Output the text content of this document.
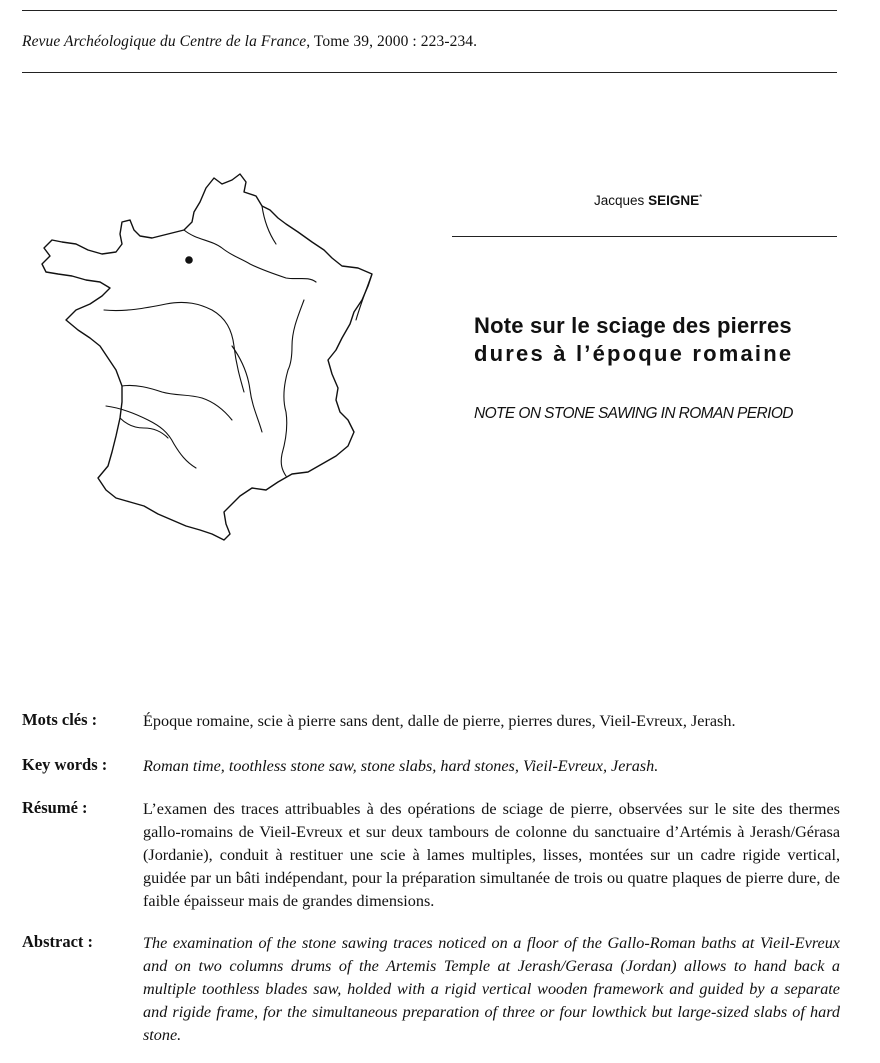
Revue Archéologique du Centre de la France, Tome 39, 2000 : 223-234.
Jacques SEIGNE*
Note sur le sciage des pierres
dures à l’époque romaine
NOTE ON STONE SAWING IN ROMAN PERIOD
Mots clés :	Époque romaine, scie à pierre sans dent, dalle de pierre, pierres dures, Vieil-Evreux, Jerash.
Key words : Roman time, toothless stone saw, stone slabs, hard stones, Vieil-Evreux, Jerash.
Résumé :	L’examen des traces attribuables à des opérations de sciage de pierre, observées sur le site des thermes gallo-romains de Vieil-Evreux et sur deux tambours de colonne du sanctuaire d’Artémis à Jerash/Gérasa (Jordanie), conduit à restituer une scie à lames multiples, lisses, montées sur un cadre rigide vertical, guidée par un bâti indépendant, pour la préparation simultanée de trois ou quatre plaques de pierre dure, de faible épaisseur mais de grandes dimensions.
Abstract :	The examination of the stone sawing traces noticed on a floor of the Gallo-Roman baths at Vieil-Evreux and on two columns drums of the Artemis Temple at Jerash/Gerasa (Jordan) allows to hand back a multiple toothless blades saw, holded with a rigid vertical wooden framework and guided by a separate and rigide frame, for the simultaneous preparation of three or four lowthick but large-sized slabs of hard stone.
